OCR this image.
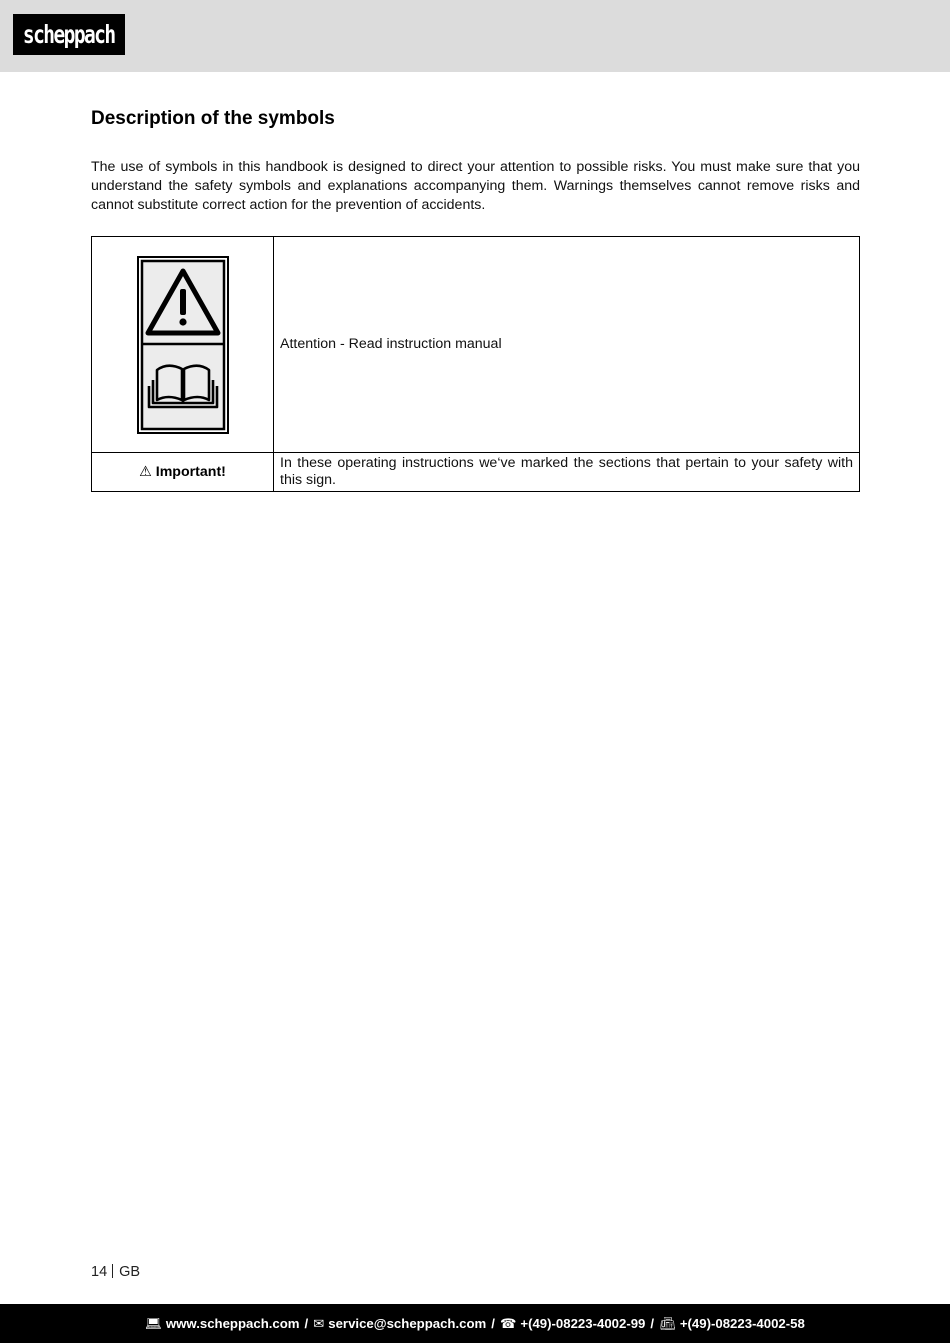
scheppach
Description of the symbols

The use of symbols in this handbook is designed to direct your attention to possible risks. You must make sure that you understand the safety symbols and explanations accompanying them. Warnings themselves cannot remove risks and cannot substitute correct action for the prevention of accidents.

	Attention - Read instruction manual
⚠ Important!	In these operating instructions we‘ve marked the sections that pertain to your safety with this sign.
14 GB
💻︎ www.scheppach.com / ✉︎ service@scheppach.com / ☎ +(49)-08223-4002-99 / 📠︎ +(49)-08223-4002-58
